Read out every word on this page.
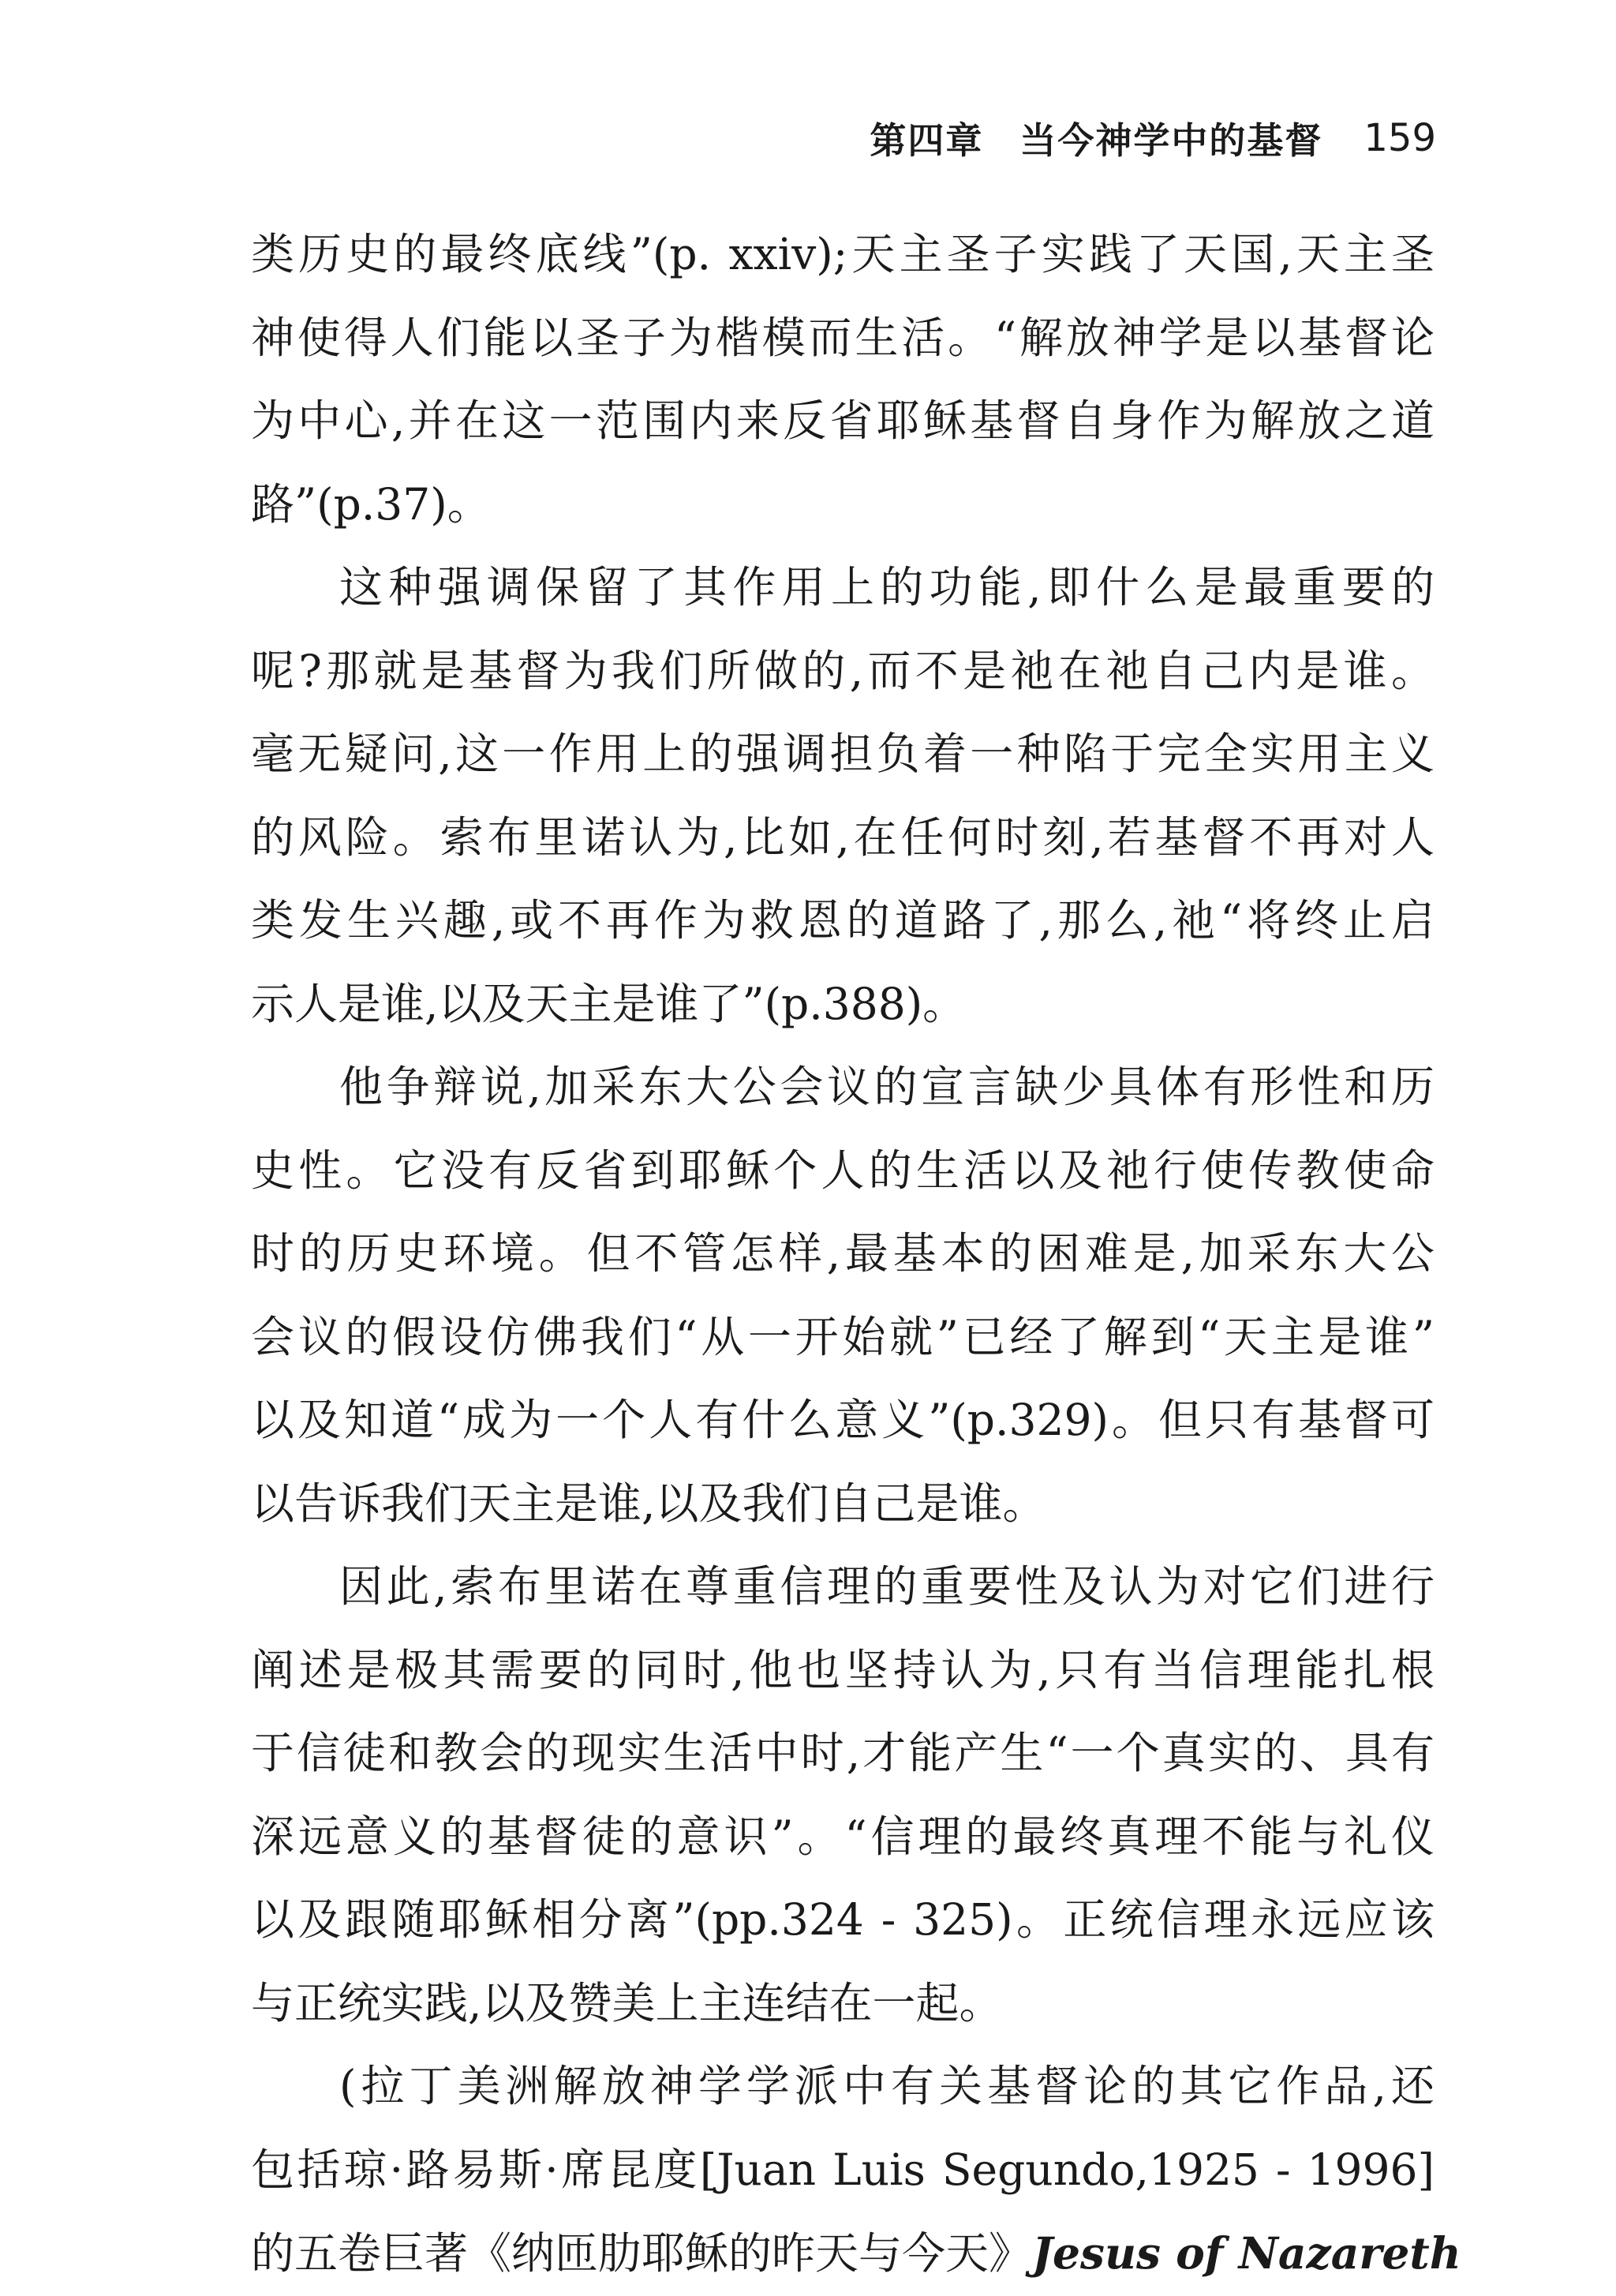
第四章 当今神学中的基督 159
类历史的最终底线”(p. xxiv);天主圣子实践了天国,天主圣
神使得人们能以圣子为楷模而生活。“解放神学是以基督论
为中心,并在这一范围内来反省耶稣基督自身作为解放之道
路”(p.37)。
这种强调保留了其作用上的功能,即什么是最重要的
呢?那就是基督为我们所做的,而不是祂在祂自己内是谁。
毫无疑问,这一作用上的强调担负着一种陷于完全实用主义
的风险。索布里诺认为,比如,在任何时刻,若基督不再对人
类发生兴趣,或不再作为救恩的道路了,那么,祂“将终止启
示人是谁,以及天主是谁了”(p.388)。
他争辩说,加采东大公会议的宣言缺少具体有形性和历
史性。它没有反省到耶稣个人的生活以及祂行使传教使命
时的历史环境。但不管怎样,最基本的困难是,加采东大公
会议的假设仿佛我们“从一开始就”已经了解到“天主是谁”
以及知道“成为一个人有什么意义”(p.329)。但只有基督可
以告诉我们天主是谁,以及我们自己是谁。
因此,索布里诺在尊重信理的重要性及认为对它们进行
阐述是极其需要的同时,他也坚持认为,只有当信理能扎根
于信徒和教会的现实生活中时,才能产生“一个真实的、具有
深远意义的基督徒的意识”。“信理的最终真理不能与礼仪
以及跟随耶稣相分离”(pp.324 - 325)。正统信理永远应该
与正统实践,以及赞美上主连结在一起。
(拉丁美洲解放神学学派中有关基督论的其它作品,还
包括琼·路易斯·席昆度[Juan Luis Segundo,1925 - 1996]
的五卷巨著《纳匝肋耶稣的昨天与今天》Jesus of Nazareth
